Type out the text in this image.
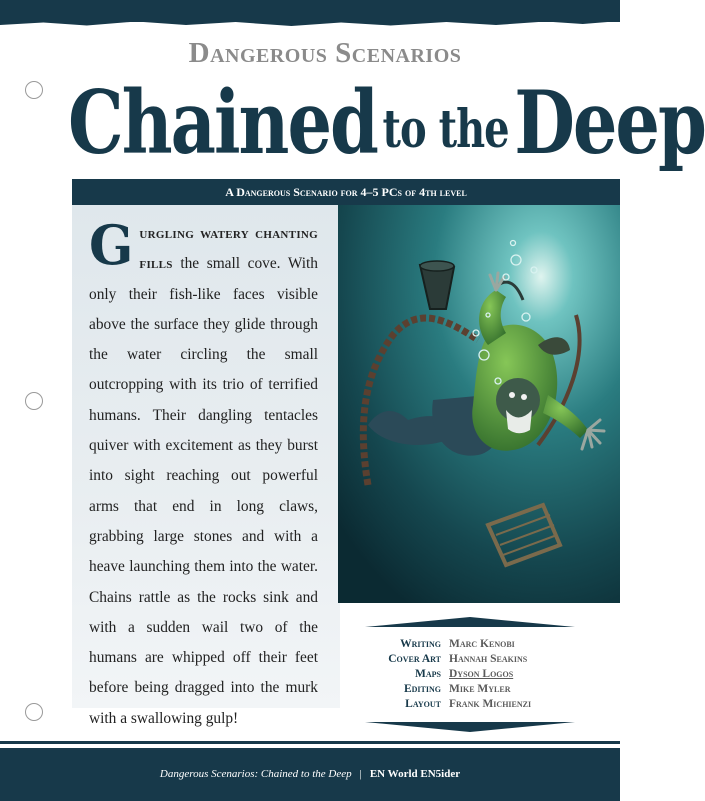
Dangerous Scenarios
Chained to the Deep
A Dangerous Scenario for 4–5 PCs of 4th level

Gurgling watery chanting fills the small cove. With only their fish-like faces visible above the surface they glide through the water circling the small outcropping with its trio of terrified humans. Their dangling tentacles quiver with excitement as they burst into sight reaching out powerful arms that end in long claws, grabbing large stones and with a heave launching them into the water. Chains rattle as the rocks sink and with a sudden wail two of the humans are whipped off their feet before being dragged into the murk with a swallowing gulp!

Writing	Marc Kenobi
Cover Art	Hannah Seakins
Maps	Dyson Logos
Editing	Mike Myler
Layout	Frank Michienzi
Dangerous Scenarios: Chained to the Deep | EN World EN5ider
